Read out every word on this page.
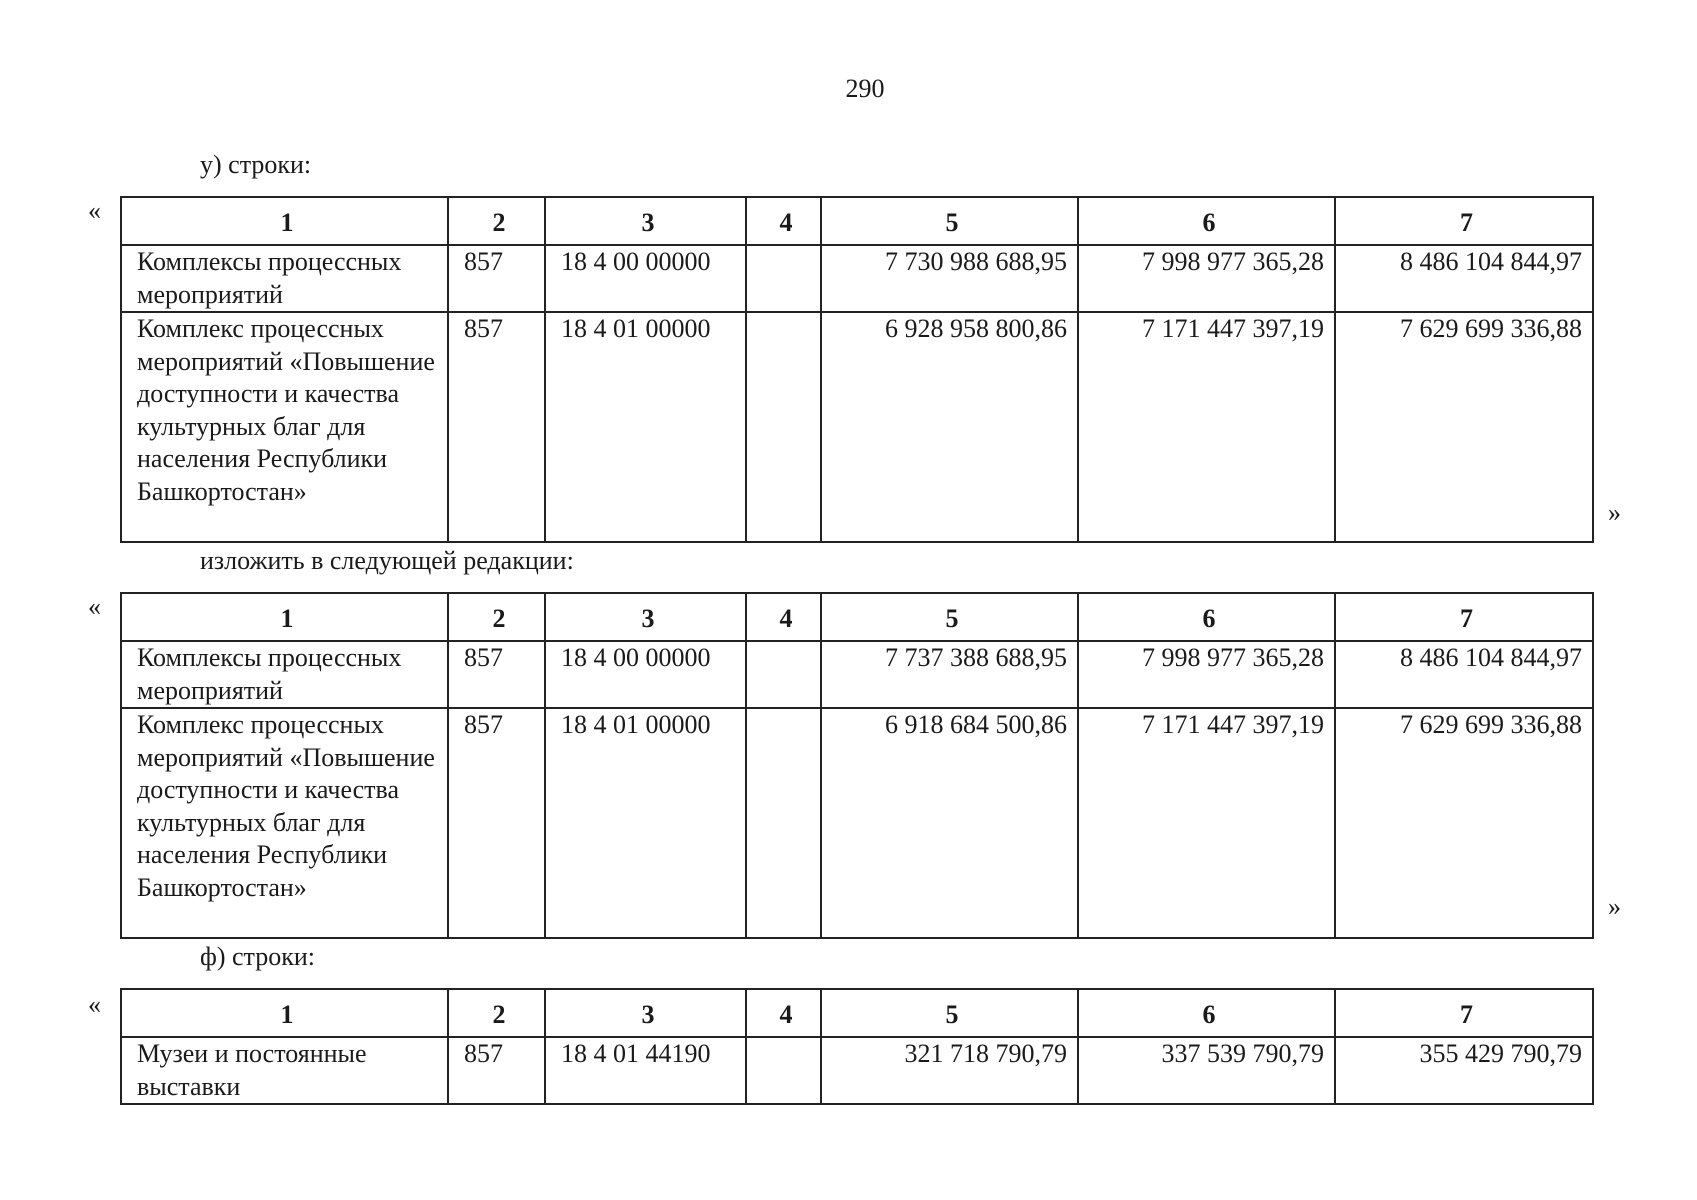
290
у) строки:
«	1	2	3	4	5	6	7
Комплексы процессных мероприятий	857	18 4 00 00000		7 730 988 688,95	7 998 977 365,28	8 486 104 844,97
Комплекс процессных мероприятий «Повышение доступности и качества культурных благ для населения Республики Башкортостан»	857	18 4 01 00000		6 928 958 800,86	7 171 447 397,19	7 629 699 336,88
»
изложить в следующей редакции:
«	1	2	3	4	5	6	7
Комплексы процессных мероприятий	857	18 4 00 00000		7 737 388 688,95	7 998 977 365,28	8 486 104 844,97
Комплекс процессных мероприятий «Повышение доступности и качества культурных благ для населения Республики Башкортостан»	857	18 4 01 00000		6 918 684 500,86	7 171 447 397,19	7 629 699 336,88
»
ф) строки:
«	1	2	3	4	5	6	7
Музеи и постоянные выставки	857	18 4 01 44190		321 718 790,79	337 539 790,79	355 429 790,79
